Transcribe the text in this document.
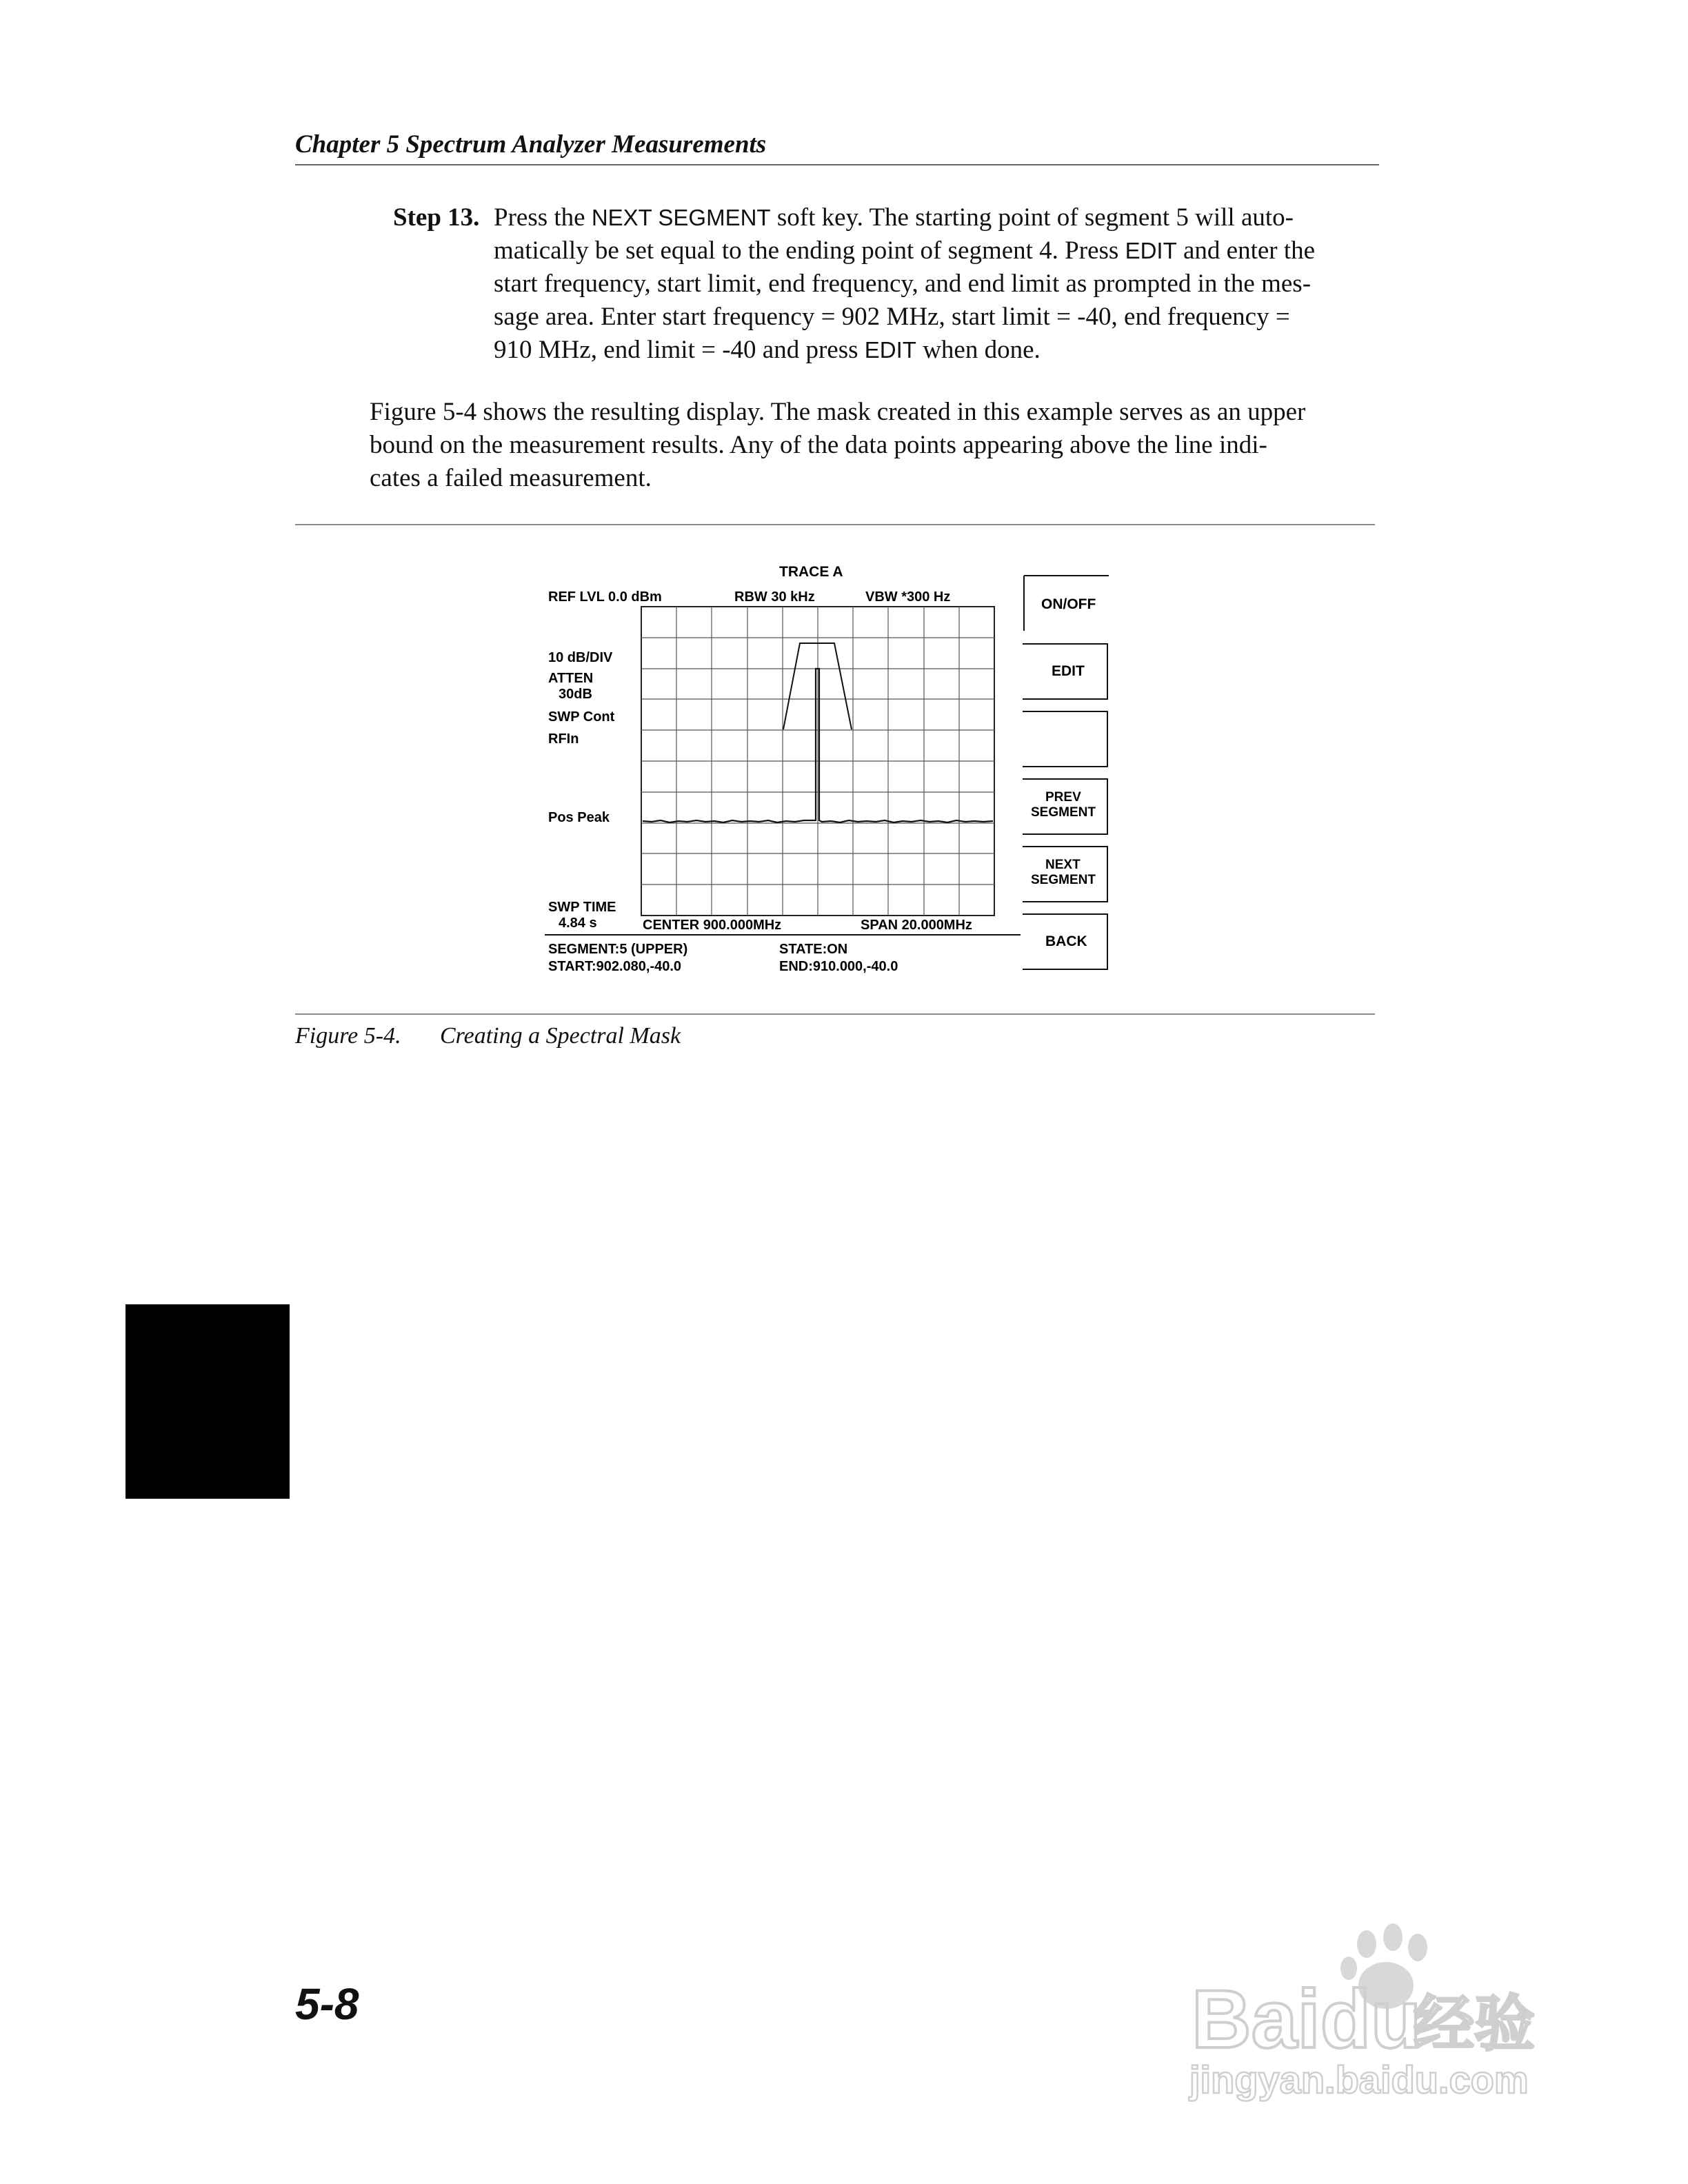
Chapter 5 Spectrum Analyzer Measurements
Step 13. Press the NEXT SEGMENT soft key. The starting point of segment 5 will auto-
matically be set equal to the ending point of segment 4. Press EDIT and enter the
start frequency, start limit, end frequency, and end limit as prompted in the mes-
sage area. Enter start frequency = 902 MHz, start limit = -40, end frequency =
910 MHz, end limit = -40 and press EDIT when done.
Figure 5-4 shows the resulting display. The mask created in this example serves as an upper
bound on the measurement results. Any of the data points appearing above the line indi-
cates a failed measurement.
TRACE A
REF LVL 0.0 dBm	RBW 30 kHz	VBW *300 Hz
10 dB/DIV
ATTEN
30dB
SWP Cont
RFIn
Pos Peak
SWP TIME
4.84 s	CENTER 900.000MHz	SPAN 20.000MHz
SEGMENT:5 (UPPER)	STATE:ON
START:902.080,-40.0	END:910.000,-40.0
ON/OFF
EDIT
PREV
SEGMENT
NEXT
SEGMENT
BACK
Figure 5-4. Creating a Spectral Mask
5-8	Baidu
经验
jingyan.baidu.com
